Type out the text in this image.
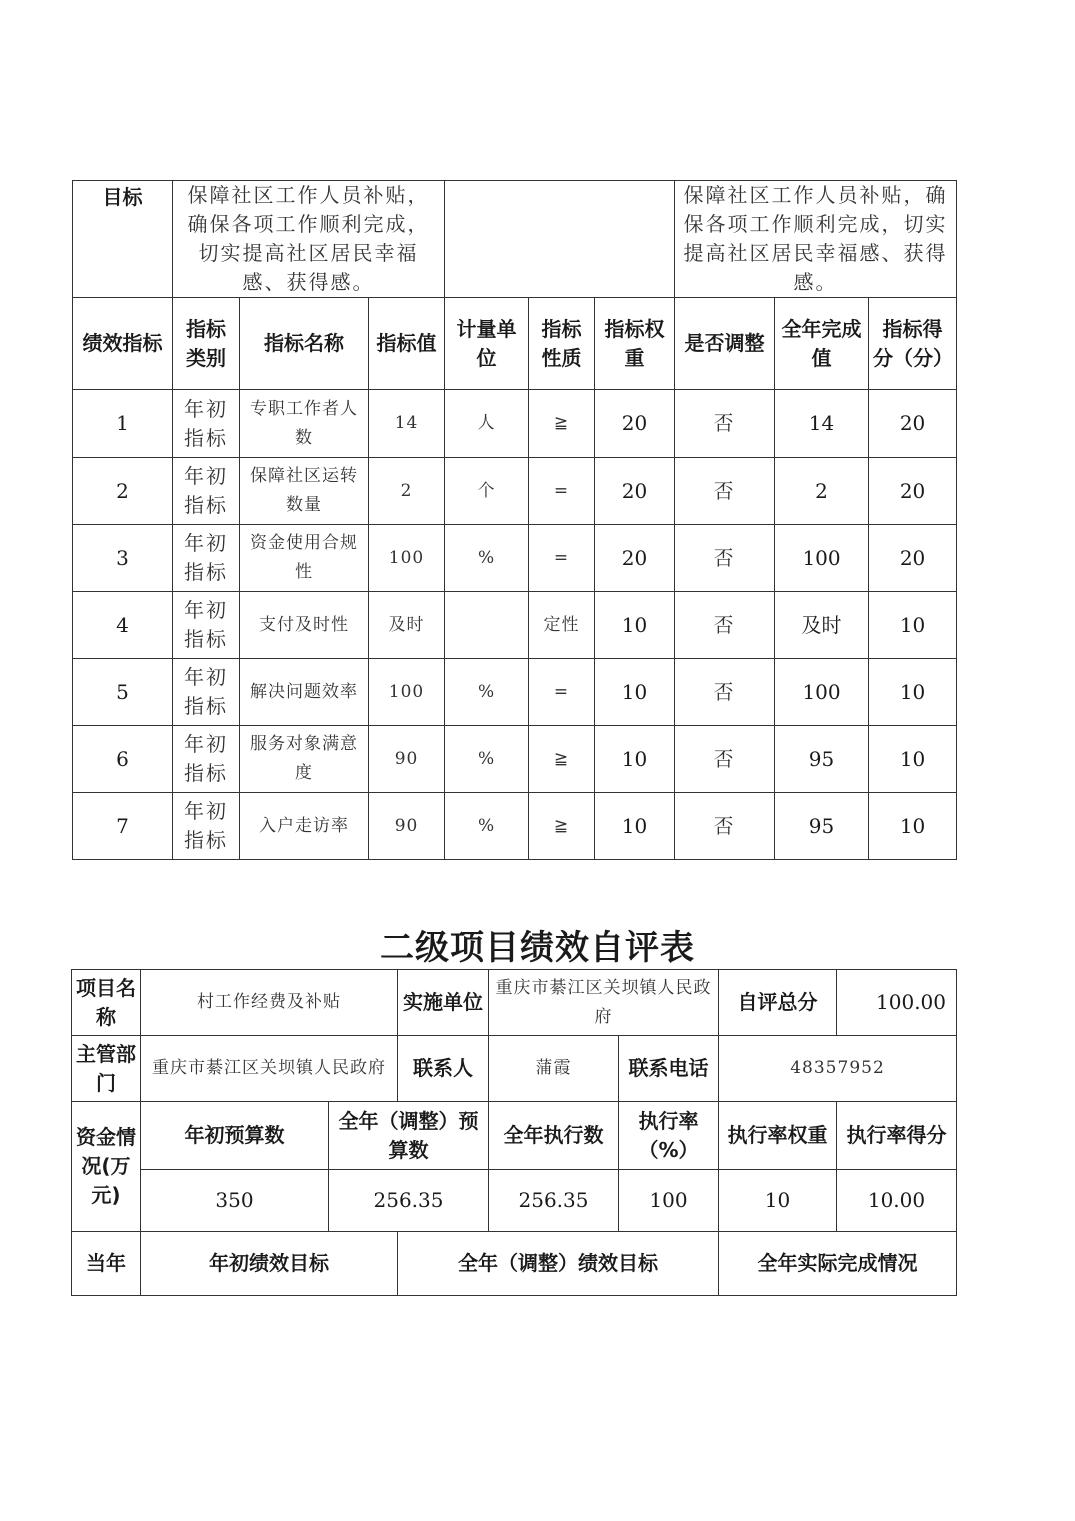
目标	保障社区工作人员补贴，确保各项工作顺利完成，切实提高社区居民幸福感、获得感。						保障社区工作人员补贴，确保各项工作顺利完成，切实提高社区居民幸福感、获得感。		
绩效指标	指标类别	指标名称	指标值	计量单位	指标性质	指标权重	是否调整	全年完成值	指标得分（分）
1	年初指标	专职工作者人数	14	人	≧	20	否	14	20
2	年初指标	保障社区运转数量	2	个	=	20	否	2	20
3	年初指标	资金使用合规性	100	%	=	20	否	100	20
4	年初指标	支付及时性	及时		定性	10	否	及时	10
5	年初指标	解决问题效率	100	%	=	10	否	100	10
6	年初指标	服务对象满意度	90	%	≧	10	否	95	10
7	年初指标	入户走访率	90	%	≧	10	否	95	10
二级项目绩效自评表
项目名称	村工作经费及补贴		实施单位	重庆市綦江区关坝镇人民政府		自评总分	100.00
主管部门	重庆市綦江区关坝镇人民政府		联系人	蒲霞	联系电话	48357952	
资金情况(万元)	年初预算数	全年（调整）预算数		全年执行数	执行率（%）	执行率权重	执行率得分
	350	256.35		256.35	100	10	10.00
当年	年初绩效目标		全年（调整）绩效目标			全年实际完成情况	
